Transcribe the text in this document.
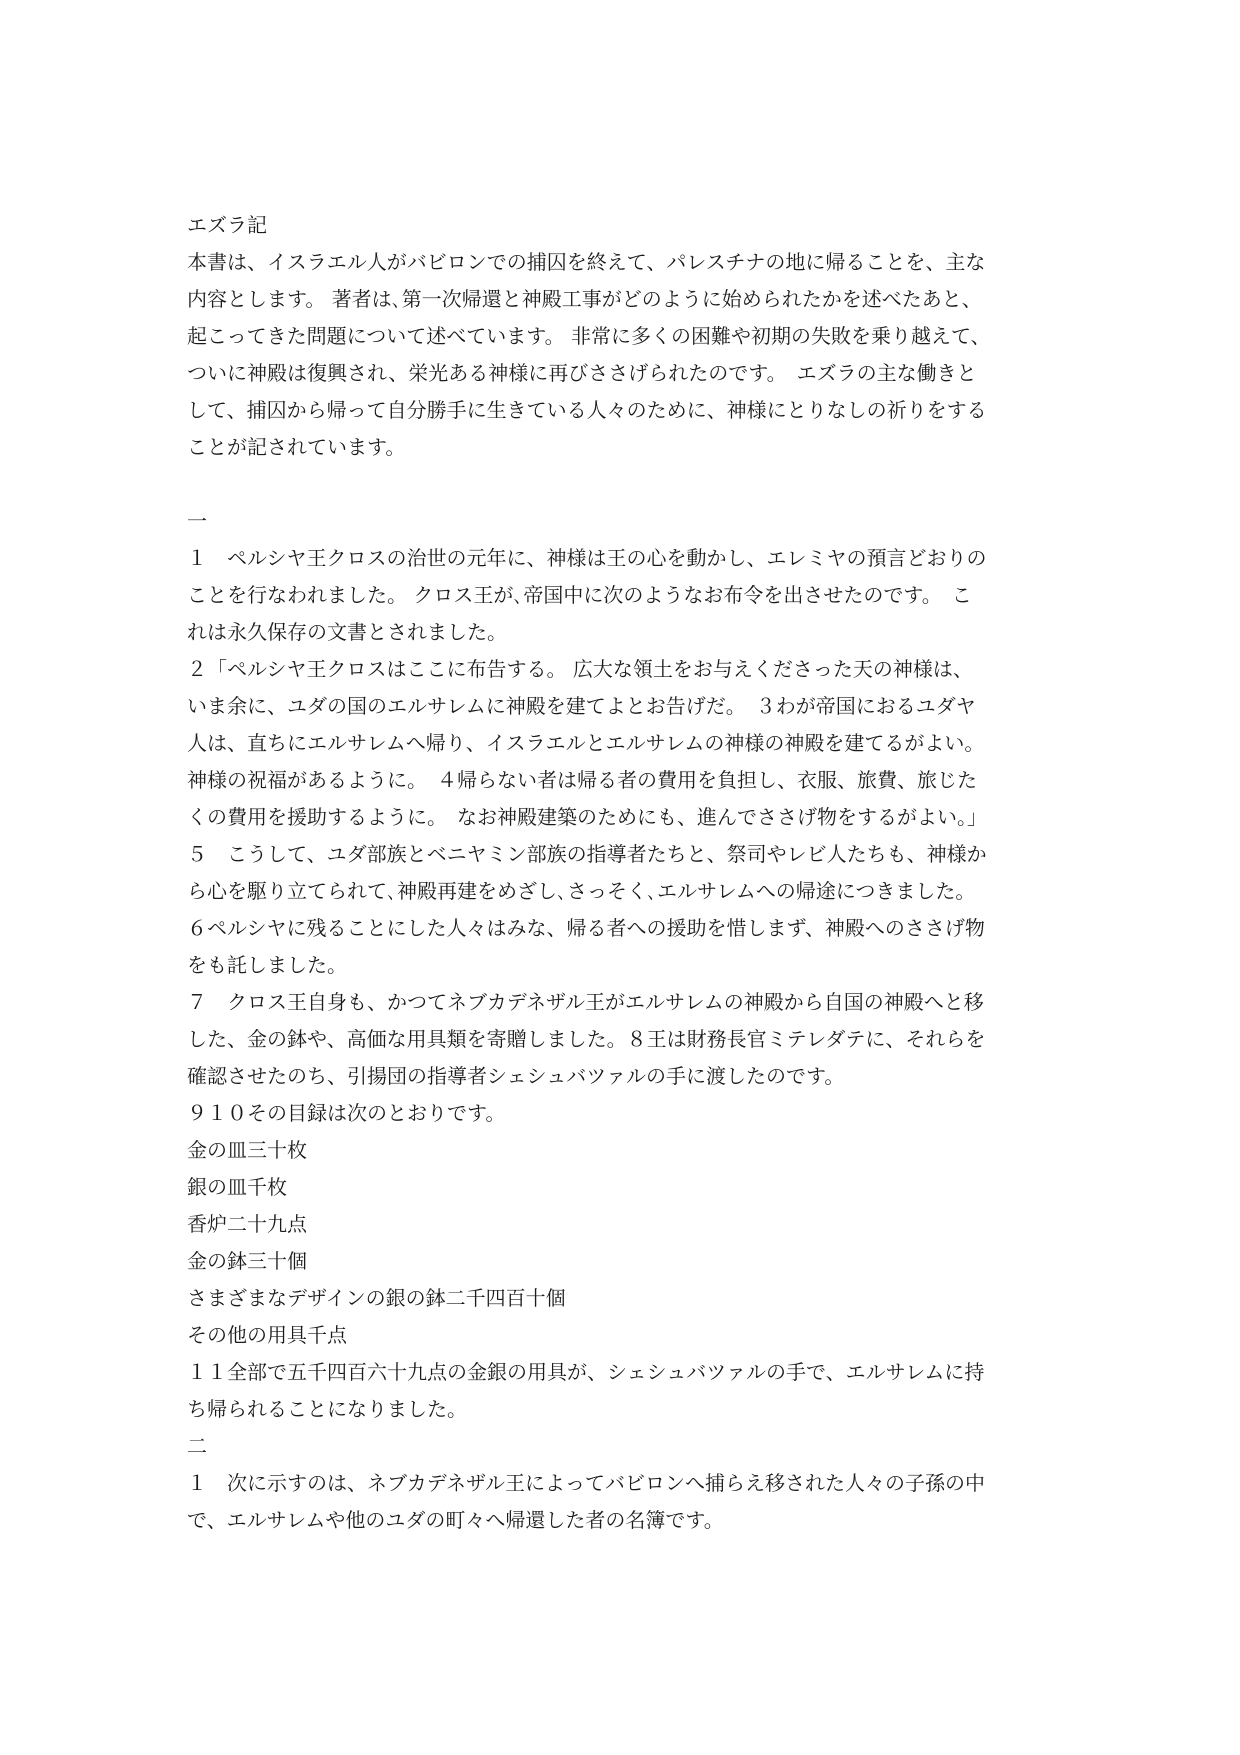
エズラ記
本書は、イスラエル人がバビロンでの捕囚を終えて、パレスチナの地に帰ることを、主な
内容とします。 著者は､第一次帰還と神殿工事がどのように始められたかを述べたあと、
起こってきた問題について述べています。 非常に多くの困難や初期の失敗を乗り越えて、
ついに神殿は復興され、栄光ある神様に再びささげられたのです。　エズラの主な働きと
して、捕囚から帰って自分勝手に生きている人々のために、神様にとりなしの祈りをする
ことが記されています。
一
１　ペルシヤ王クロスの治世の元年に、神様は王の心を動かし、エレミヤの預言どおりの
ことを行なわれました。 クロス王が､帝国中に次のようなお布令を出させたのです。　こ
れは永久保存の文書とされました。
２「ペルシヤ王クロスはここに布告する。 広大な領土をお与えくださった天の神様は、
いま余に、ユダの国のエルサレムに神殿を建てよとお告げだ。　３わが帝国におるユダヤ
人は、直ちにエルサレムへ帰り、イスラエルとエルサレムの神様の神殿を建てるがよい。
神様の祝福があるように。　４帰らない者は帰る者の費用を負担し、衣服、旅費、旅じた
くの費用を援助するように。　なお神殿建築のためにも、進んでささげ物をするがよい。」
５　こうして、ユダ部族とベニヤミン部族の指導者たちと、祭司やレビ人たちも、神様か
ら心を駆り立てられて､神殿再建をめざし､さっそく､エルサレムへの帰途につきました。
６ペルシヤに残ることにした人々はみな、帰る者への援助を惜しまず、神殿へのささげ物
をも託しました。
７　クロス王自身も、かつてネブカデネザル王がエルサレムの神殿から自国の神殿へと移
した、金の鉢や、高価な用具類を寄贈しました。８王は財務長官ミテレダテに、それらを
確認させたのち、引揚団の指導者シェシュバツァルの手に渡したのです。
９１０その目録は次のとおりです。
金の皿三十枚
銀の皿千枚
香炉二十九点
金の鉢三十個
さまざまなデザインの銀の鉢二千四百十個
その他の用具千点
１１全部で五千四百六十九点の金銀の用具が、シェシュバツァルの手で、エルサレムに持
ち帰られることになりました。
二
１　次に示すのは、ネブカデネザル王によってバビロンへ捕らえ移された人々の子孫の中
で、エルサレムや他のユダの町々へ帰還した者の名簿です。
